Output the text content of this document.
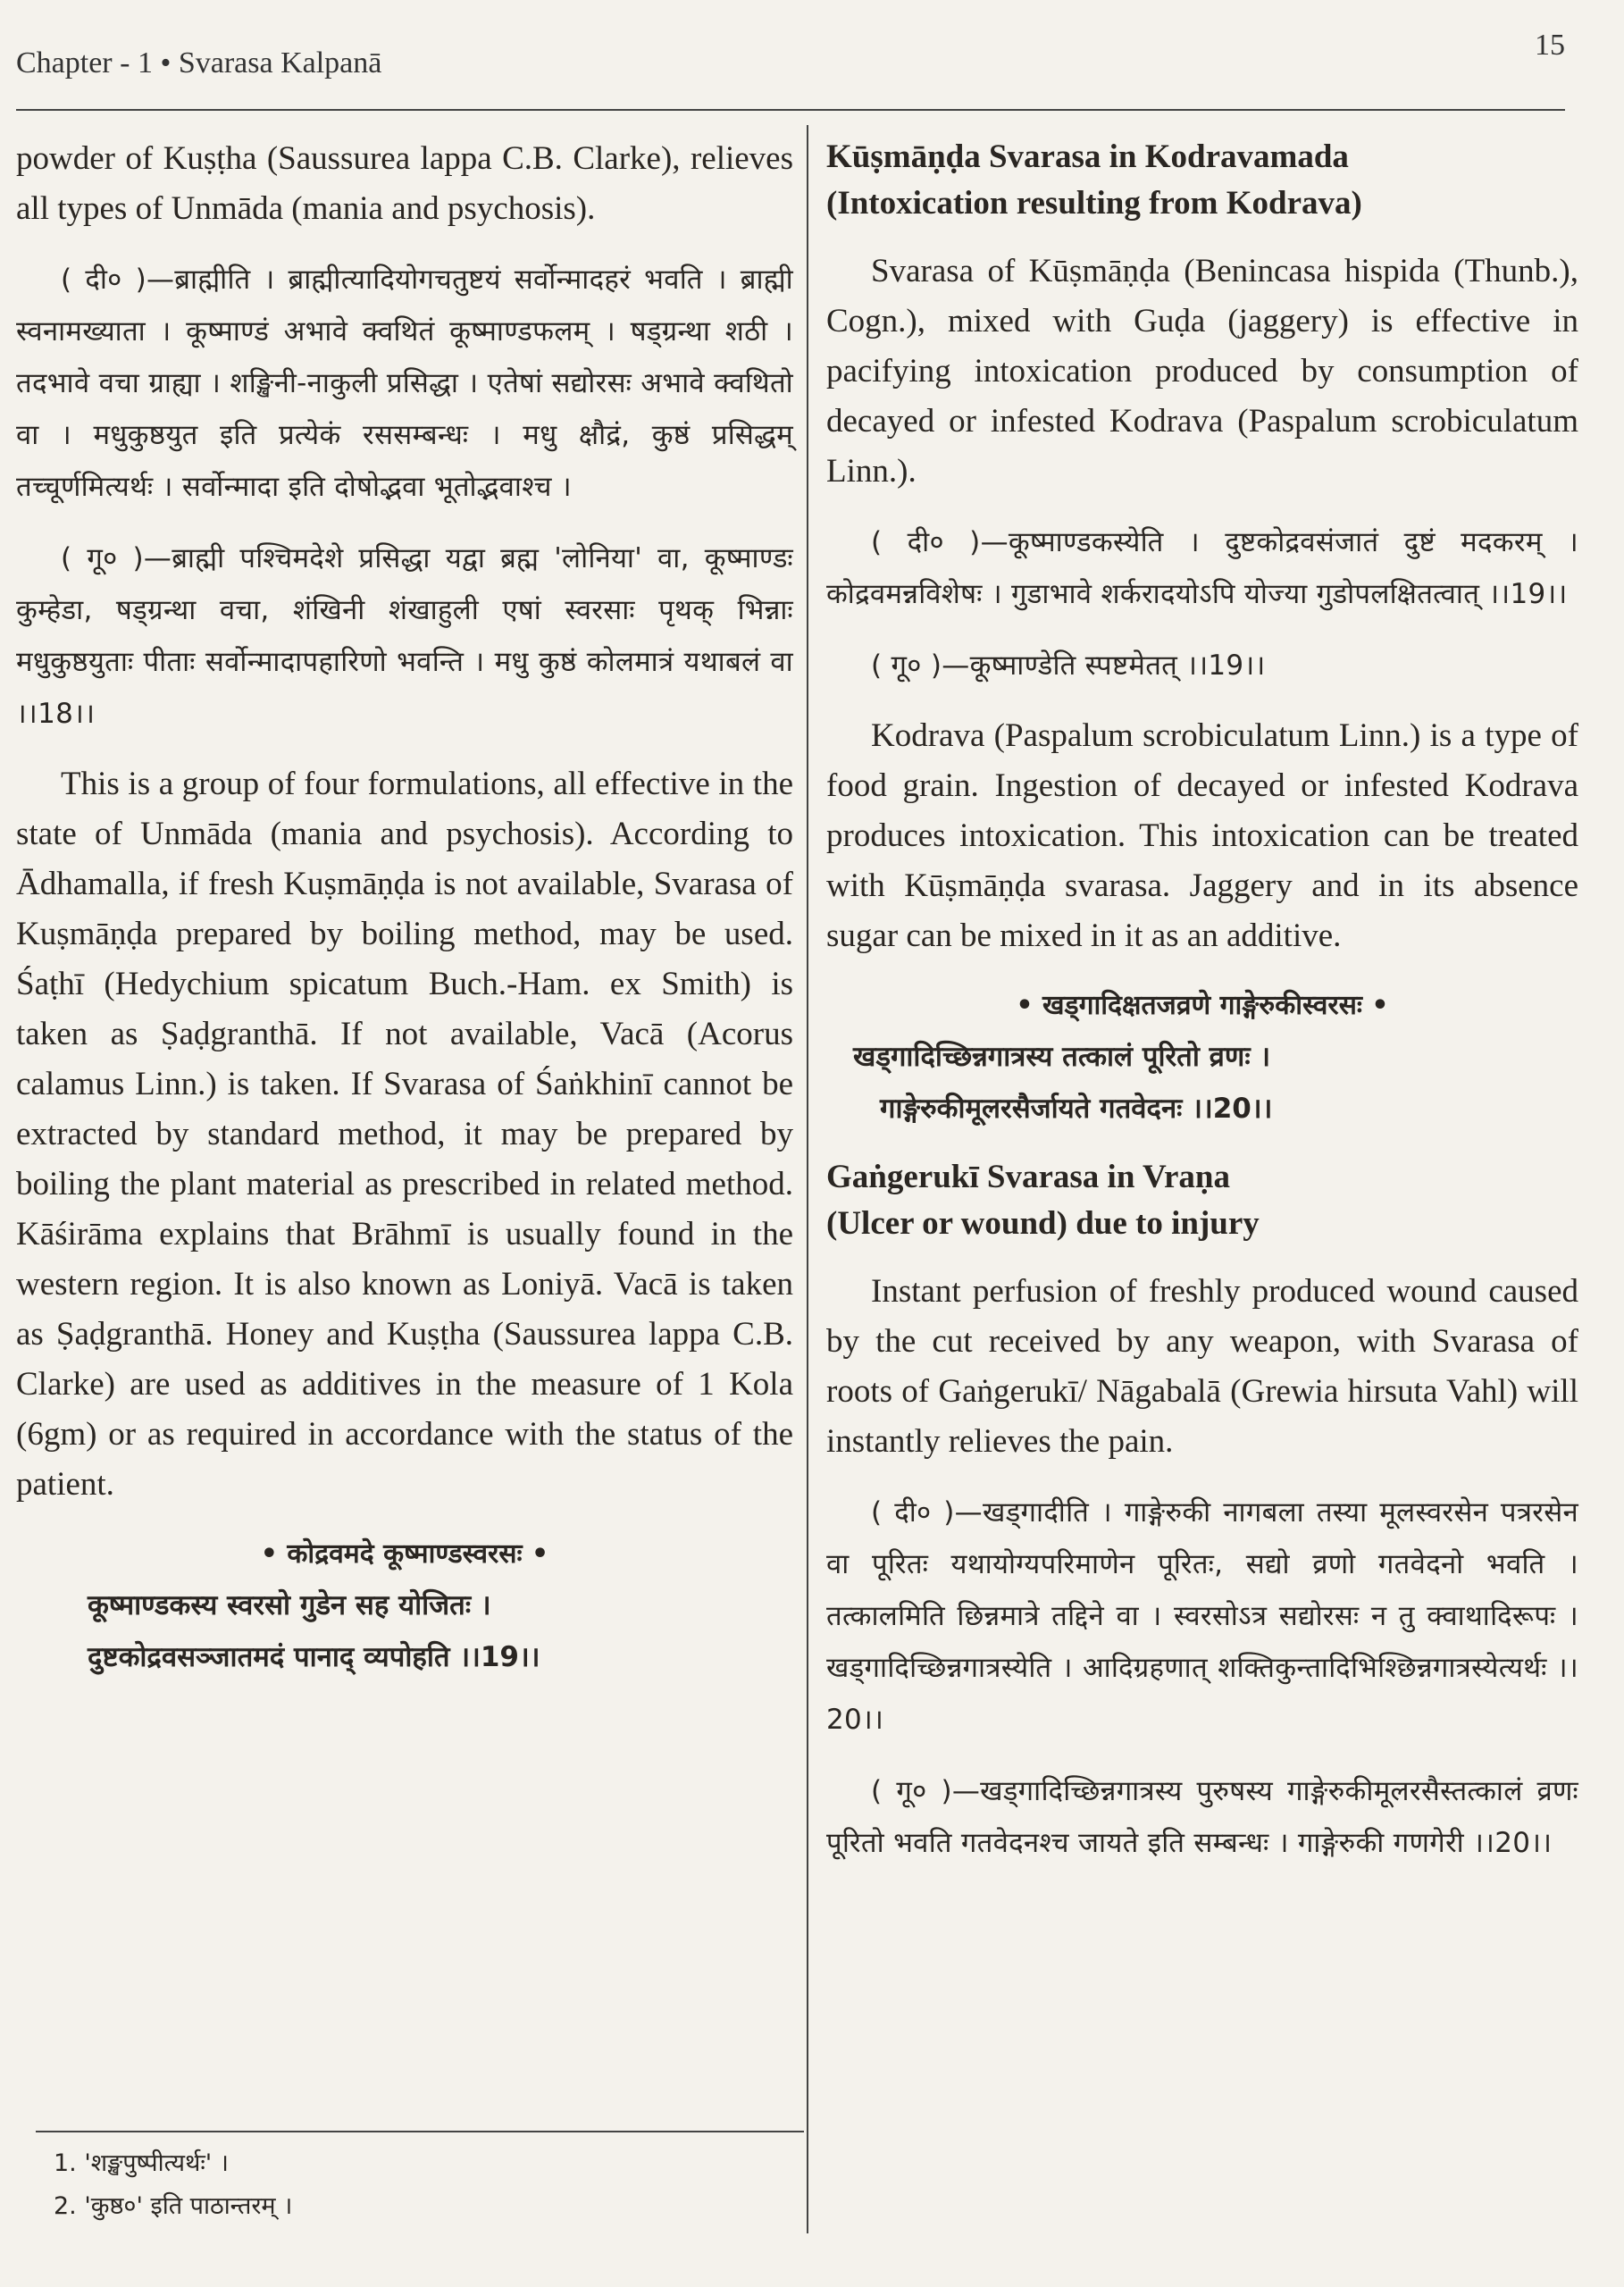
Chapter - 1 • Svarasa Kalpanā
15

powder of Kuṣṭha (Saussurea lappa C.B. Clarke), relieves all types of Unmāda (mania and psychosis).

( दी० )—ब्राह्मीति । ब्राह्मीत्यादियोगचतुष्टयं सर्वोन्मादहरं भवति । ब्राह्मी स्वनामख्याता । कूष्माण्डं अभावे क्वथितं कूष्माण्डफलम् । षड्ग्रन्था शठी । तदभावे वचा ग्राह्या । शङ्खिनी-नाकुली प्रसिद्धा । एतेषां सद्योरसः अभावे क्वथितो वा । मधुकुष्ठयुत इति प्रत्येकं रससम्बन्धः । मधु क्षौद्रं, कुष्ठं प्रसिद्धम् तच्चूर्णमित्यर्थः । सर्वोन्मादा इति दोषोद्भवा भूतोद्भवाश्च ।

( गू० )—ब्राह्मी पश्चिमदेशे प्रसिद्धा यद्वा ब्रह्म 'लोनिया' वा, कूष्माण्डः कुम्हेडा, षड्ग्रन्था वचा, शंखिनी शंखाहुली एषां स्वरसाः पृथक् भिन्नाः मधुकुष्ठयुताः पीताः सर्वोन्मादापहारिणो भवन्ति । मधु कुष्ठं कोलमात्रं यथाबलं वा ।।18।।

This is a group of four formulations, all effective in the state of Unmāda (mania and psychosis). According to Ādhamalla, if fresh Kuṣmāṇḍa is not available, Svarasa of Kuṣmāṇḍa prepared by boiling method, may be used. Śaṭhī (Hedychium spicatum Buch.-Ham. ex Smith) is taken as Ṣaḍgranthā. If not available, Vacā (Acorus calamus Linn.) is taken. If Svarasa of Śaṅkhinī cannot be extracted by standard method, it may be prepared by boiling the plant material as prescribed in related method. Kāśirāma explains that Brāhmī is usually found in the western region. It is also known as Loniyā. Vacā is taken as Ṣaḍgranthā. Honey and Kuṣṭha (Saussurea lappa C.B. Clarke) are used as additives in the measure of 1 Kola (6gm) or as required in accordance with the status of the patient.

• कोद्रवमदे कूष्माण्डस्वरसः •

कूष्माण्डकस्य स्वरसो गुडेन सह योजितः ।

दुष्टकोद्रवसञ्जातमदं पानाद् व्यपोहति ।।19।।

1. 'शङ्खपुष्पीत्यर्थः' ।
2. 'कुष्ठ०' इति पाठान्तरम् ।

Kūṣmāṇḍa Svarasa in Kodravamada

(Intoxication resulting from Kodrava)

Svarasa of Kūṣmāṇḍa (Benincasa hispida (Thunb.), Cogn.), mixed with Guḍa (jaggery) is effective in pacifying intoxication produced by consumption of decayed or infested Kodrava (Paspalum scrobiculatum Linn.).

( दी० )—कूष्माण्डकस्येति । दुष्टकोद्रवसंजातं दुष्टं मदकरम् । कोद्रवमन्नविशेषः । गुडाभावे शर्करादयोऽपि योज्या गुडोपलक्षितत्वात् ।।19।।

( गू० )—कूष्माण्डेति स्पष्टमेतत् ।।19।।

Kodrava (Paspalum scrobiculatum Linn.) is a type of food grain. Ingestion of decayed or infested Kodrava produces intoxication. This intoxication can be treated with Kūṣmāṇḍa svarasa. Jaggery and in its absence sugar can be mixed in it as an additive.

• खड्गादिक्षतजव्रणे गाङ्गेरुकीस्वरसः •

खड्गादिच्छिन्नगात्रस्य तत्कालं पूरितो व्रणः ।

गाङ्गेरुकीमूलरसैर्जायते गतवेदनः ।।20।।

Gaṅgerukī Svarasa in Vraṇa

(Ulcer or wound) due to injury

Instant perfusion of freshly produced wound caused by the cut received by any weapon, with Svarasa of roots of Gaṅgerukī/ Nāgabalā (Grewia hirsuta Vahl) will instantly relieves the pain.

( दी० )—खड्गादीति । गाङ्गेरुकी नागबला तस्या मूलस्वरसेन पत्ररसेन वा पूरितः यथायोग्यपरिमाणेन पूरितः, सद्यो व्रणो गतवेदनो भवति । तत्कालमिति छिन्नमात्रे तद्दिने वा । स्वरसोऽत्र सद्योरसः न तु क्वाथादिरूपः । खड्गादिच्छिन्नगात्रस्येति । आदिग्रहणात् शक्तिकुन्तादिभिश्छिन्नगात्रस्येत्यर्थः ।।20।।

( गू० )—खड्गादिच्छिन्नगात्रस्य पुरुषस्य गाङ्गेरुकीमूलरसैस्तत्कालं व्रणः पूरितो भवति गतवेदनश्च जायते इति सम्बन्धः । गाङ्गेरुकी गणगेरी ।।20।।
